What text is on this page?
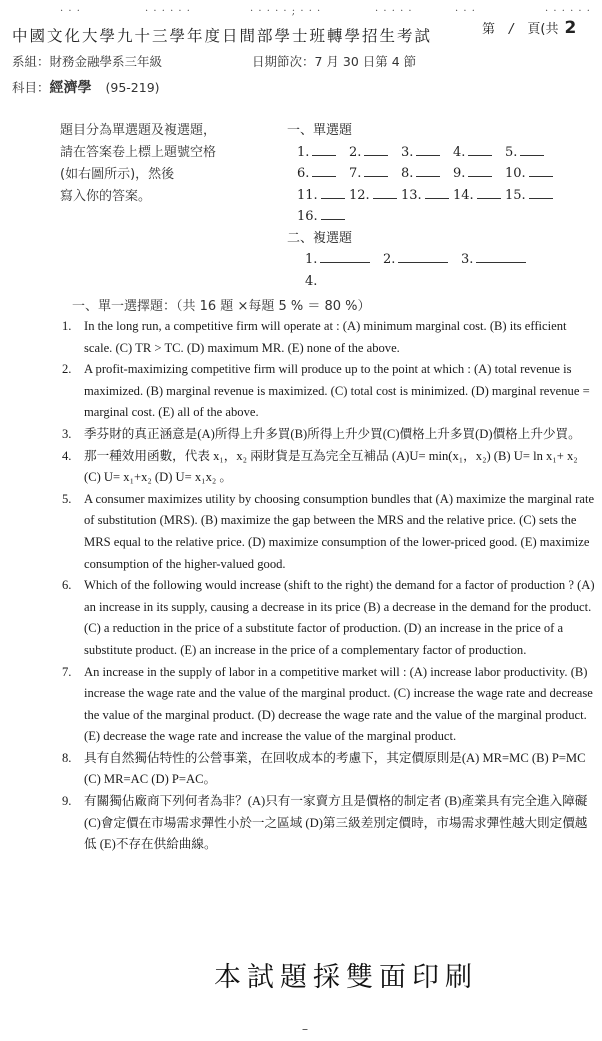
· · ·	· · · · · ·	· · · · · ; · · ·	· · · · ·	· · ·	· · · · · ·
中國文化大學九十三學年度日間部學士班轉學招生考試	第 / 頁(共 2
系組：財務金融學系三年級	日期節次：7 月 30 日第 4 節
科目：經濟學 (95-219)
題目分為單選題及複選題，
請在答案卷上標上題號空格
(如右圖所示)，然後
寫入你的答案。
一、單選題
1.	2.	3.	4.	5.
6.	7.	8.	9.	10.
11. 12. 13. 14. 15.
16.
二、複選題
1.	2.	3.
4.
一、單一選擇題：（共 16 題 ×每題 5 % ＝ 80 %）
1. In the long run, a competitive firm will operate at : (A) minimum marginal cost. (B) its efficient scale. (C) TR > TC. (D) maximum MR. (E) none of the above.
2. A profit-maximizing competitive firm will produce up to the point at which : (A) total revenue is maximized. (B) marginal revenue is maximized. (C) total cost is minimized. (D) marginal revenue = marginal cost. (E) all of the above.
3. 季芬財的真正涵意是(A)所得上升多買(B)所得上升少買(C)價格上升多買(D)價格上升少買。
4. 那一種效用函數，代表 x₁，x₂ 兩財貨是互為完全互補品 (A)U= min(x₁，x₂) (B) U= ln x₁+ x₂ (C) U= x₁+x₂ (D) U= x₁x₂ 。
5. A consumer maximizes utility by choosing consumption bundles that (A) maximize the marginal rate of substitution (MRS). (B) maximize the gap between the MRS and the relative price. (C) sets the MRS equal to the relative price. (D) maximize consumption of the lower-priced good. (E) maximize consumption of the higher-valued good.
6. Which of the following would increase (shift to the right) the demand for a factor of production ? (A) an increase in its supply, causing a decrease in its price (B) a decrease in the demand for the product. (C) a reduction in the price of a substitute factor of production. (D) an increase in the price of a substitute product. (E) an increase in the price of a complementary factor of production.
7. An increase in the supply of labor in a competitive market will : (A) increase labor productivity. (B) increase the wage rate and the value of the marginal product. (C) increase the wage rate and decrease the value of the marginal product. (D) decrease the wage rate and the value of the marginal product. (E) decrease the wage rate and increase the value of the marginal product.
8. 具有自然獨佔特性的公營事業，在回收成本的考慮下，其定價原則是(A) MR=MC (B) P=MC (C) MR=AC (D) P=AC。
9. 有關獨佔廠商下列何者為非？(A)只有一家賣方且是價格的制定者 (B)產業具有完全進入障礙 (C)會定價在市場需求彈性小於一之區域 (D)第三級差別定價時，市場需求彈性越大則定價越低 (E)不存在供給曲線。
本試題採雙面印刷
–
